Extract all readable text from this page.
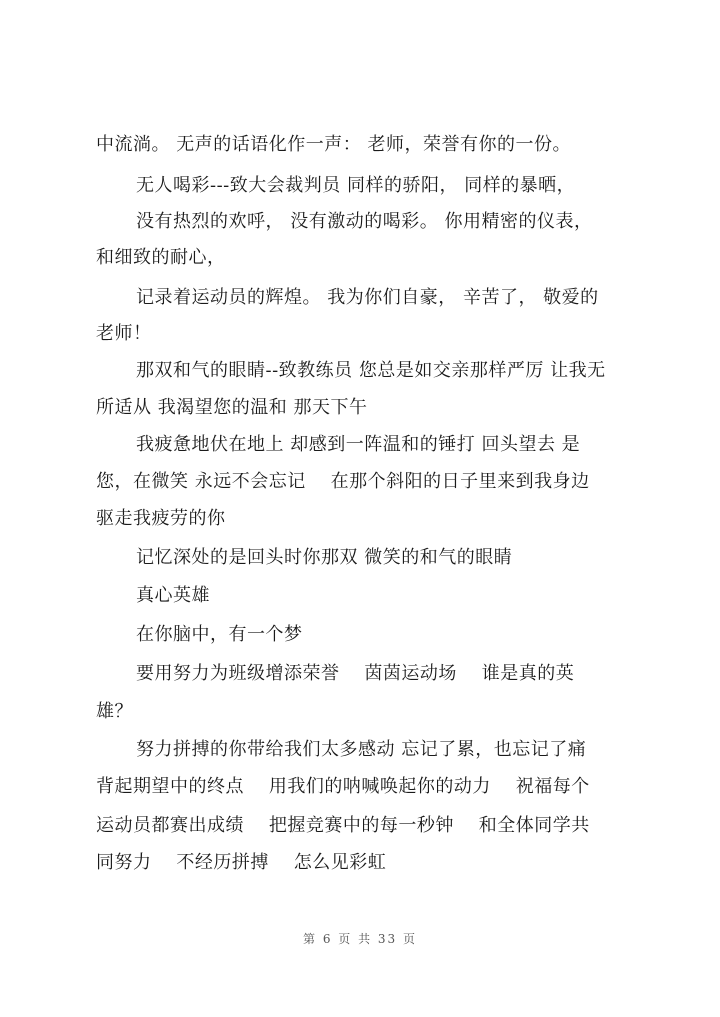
中流淌。 无声的话语化作一声： 老师，荣誉有你的一份。
无人喝彩---致大会裁判员 同样的骄阳， 同样的暴晒，
没有热烈的欢呼， 没有激动的喝彩。 你用精密的仪表，
和细致的耐心，
记录着运动员的辉煌。 我为你们自豪， 辛苦了， 敬爱的
老师！
那双和气的眼睛--致教练员 您总是如交亲那样严厉 让我无
所适从 我渴望您的温和 那天下午
我疲惫地伏在地上 却感到一阵温和的锤打 回头望去 是
您，在微笑 永远不会忘记    在那个斜阳的日子里来到我身边
驱走我疲劳的你
记忆深处的是回头时你那双 微笑的和气的眼睛
真心英雄
在你脑中，有一个梦
要用努力为班级增添荣誉    茵茵运动场    谁是真的英
雄？
努力拼搏的你带给我们太多感动 忘记了累，也忘记了痛
背起期望中的终点    用我们的呐喊唤起你的动力    祝福每个
运动员都赛出成绩    把握竞赛中的每一秒钟    和全体同学共
同努力    不经历拼搏    怎么见彩虹
第 6 页 共 33 页
